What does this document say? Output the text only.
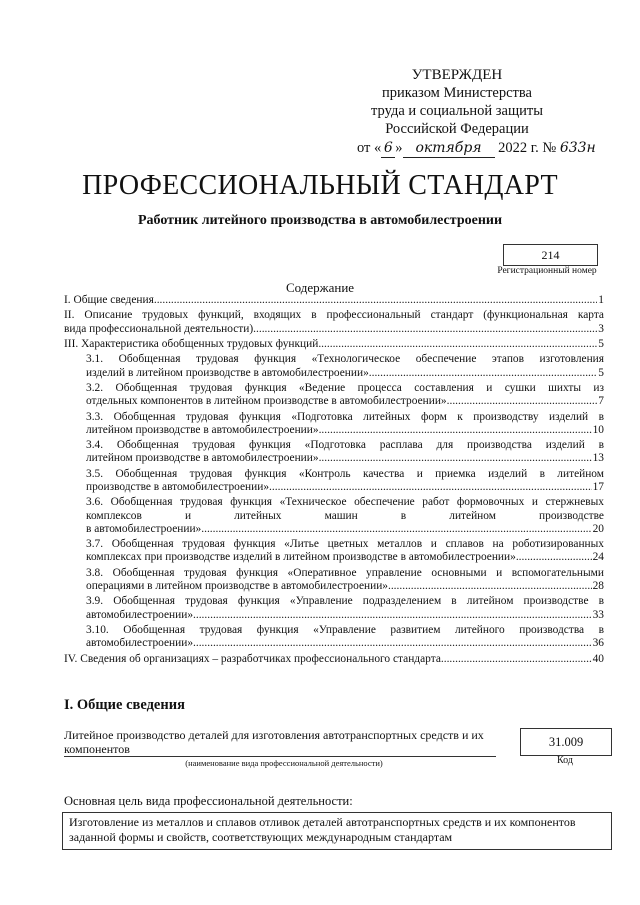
УТВЕРЖДЕН
приказом Министерства
труда и социальной защиты
Российской Федерации
от « 6 » октября 2022 г. № 633н
ПРОФЕССИОНАЛЬНЫЙ СТАНДАРТ
Работник литейного производства в автомобилестроении
214
Регистрационный номер
Содержание
I. Общие сведения .....	1
II. Описание трудовых функций, входящих в профессиональный стандарт (функциональная карта
вида профессиональной деятельности) .....	3
III. Характеристика обобщенных трудовых функций .....	5
3.1. Обобщенная трудовая функция «Технологическое обеспечение этапов изготовления
изделий в литейном производстве в автомобилестроении» .....	5
3.2. Обобщенная трудовая функция «Ведение процесса составления и сушки шихты из
отдельных компонентов в литейном производстве в автомобилестроении» .....	7
3.3. Обобщенная трудовая функция «Подготовка литейных форм к производству изделий в
литейном производстве в автомобилестроении» .....	10
3.4. Обобщенная трудовая функция «Подготовка расплава для производства изделий в
литейном производстве в автомобилестроении» .....	13
3.5. Обобщенная трудовая функция «Контроль качества и приемка изделий в литейном
производстве в автомобилестроении» .....	17
3.6. Обобщенная трудовая функция «Техническое обеспечение работ формовочных и стержневых комплексов и литейных машин в литейном производстве
в автомобилестроении» .....	20
3.7. Обобщенная трудовая функция «Литье цветных металлов и сплавов на роботизированных
комплексах при производстве изделий в литейном производстве в автомобилестроении» .....	24
3.8. Обобщенная трудовая функция «Оперативное управление основными и вспомогательными
операциями в литейном производстве в автомобилестроении» .....	28
3.9. Обобщенная трудовая функция «Управление подразделением в литейном производстве в
автомобилестроении» .....	33
3.10. Обобщенная трудовая функция «Управление развитием литейного производства в
автомобилестроении» .....	36
IV. Сведения об организациях – разработчиках профессионального стандарта .....	40
I. Общие сведения
Литейное производство деталей для изготовления автотранспортных средств и их компонентов	31.009
(наименование вида профессиональной деятельности)	Код
Основная цель вида профессиональной деятельности:
Изготовление из металлов и сплавов отливок деталей автотранспортных средств и их компонентов заданной формы и свойств, соответствующих международным стандартам
